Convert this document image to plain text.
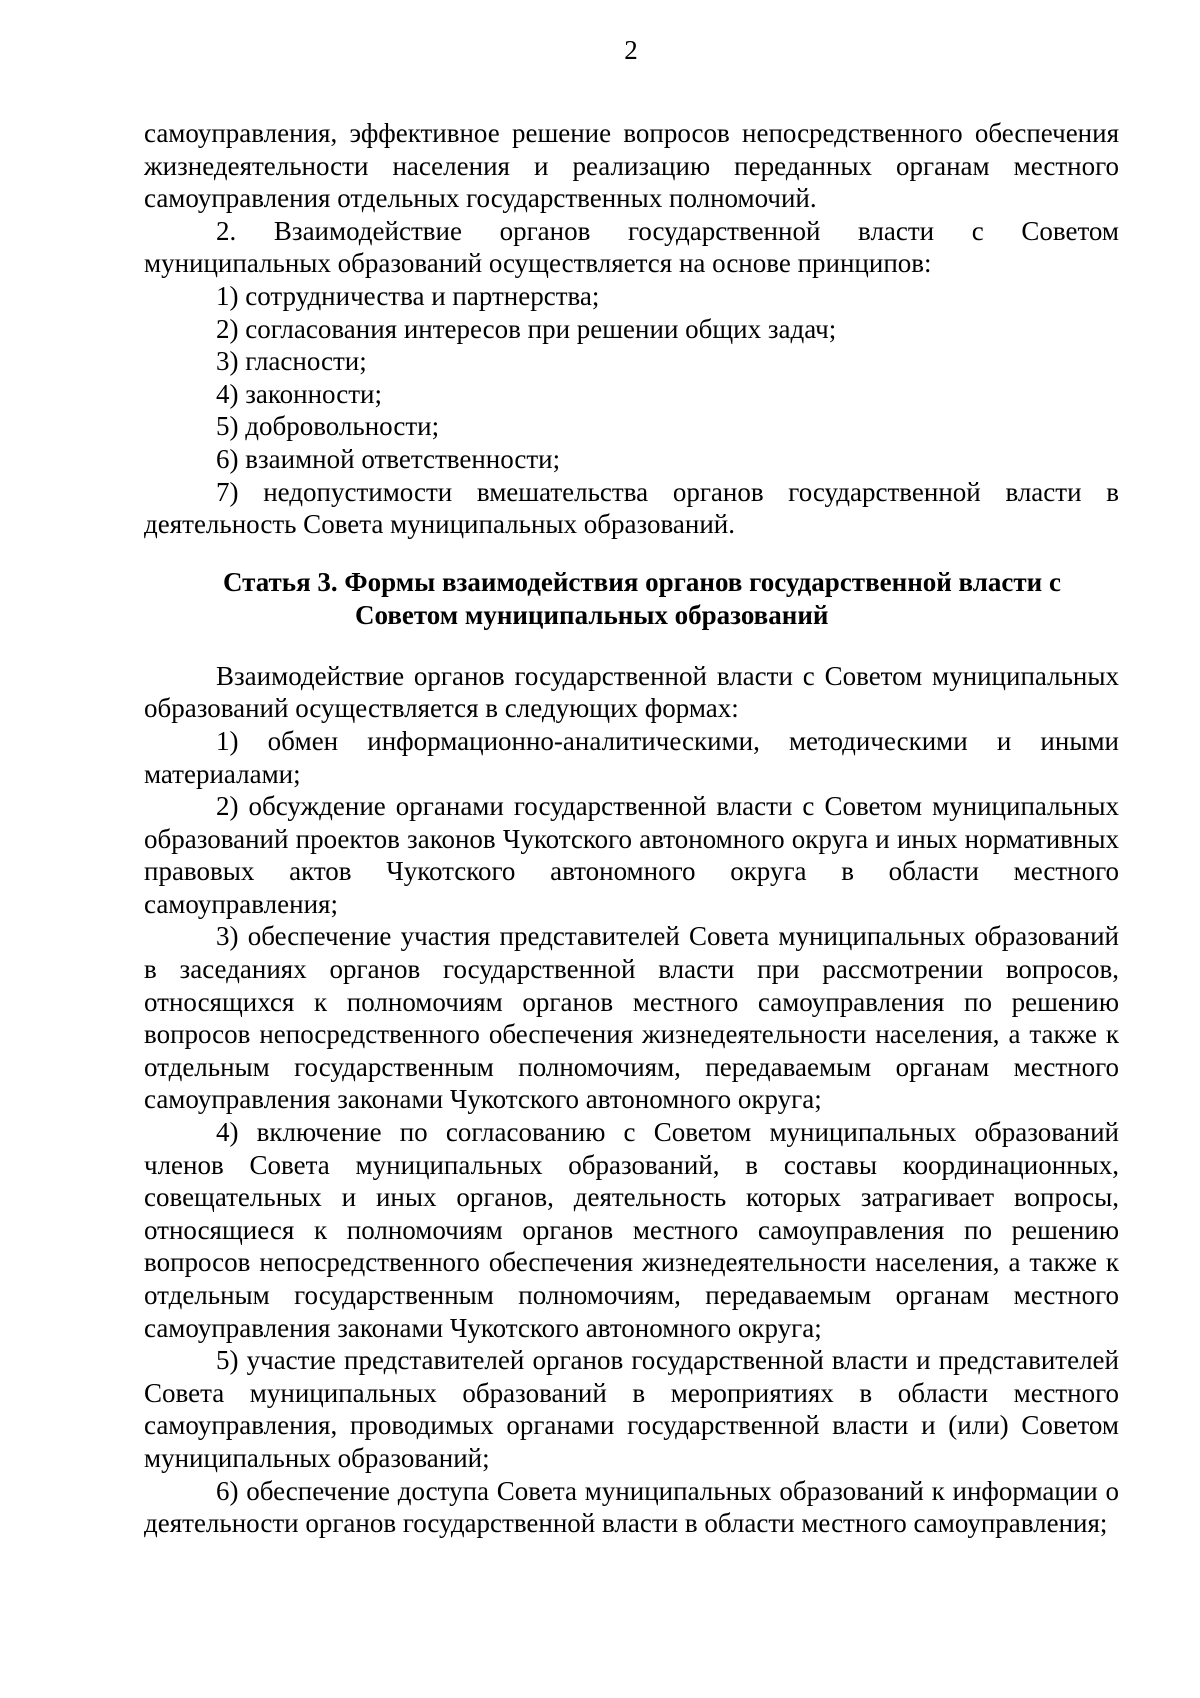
2

самоуправления, эффективное решение вопросов непосредственного обеспечения жизнедеятельности населения и реализацию переданных органам местного самоуправления отдельных государственных полномочий.

2. Взаимодействие органов государственной власти с Советом муниципальных образований осуществляется на основе принципов:

1) сотрудничества и партнерства;

2) согласования интересов при решении общих задач;

3) гласности;

4) законности;

5) добровольности;

6) взаимной ответственности;

7) недопустимости вмешательства органов государственной власти в деятельность Совета муниципальных образований.

Статья 3. Формы взаимодействия органов государственной власти с
Советом муниципальных образований

Взаимодействие органов государственной власти с Советом муниципальных образований осуществляется в следующих формах:

1) обмен информационно-аналитическими, методическими и иными материалами;

2) обсуждение органами государственной власти с Советом муниципальных образований проектов законов Чукотского автономного округа и иных нормативных правовых актов Чукотского автономного округа в области местного самоуправления;

3) обеспечение участия представителей Совета муниципальных образований в заседаниях органов государственной власти при рассмотрении вопросов, относящихся к полномочиям органов местного самоуправления по решению вопросов непосредственного обеспечения жизнедеятельности населения, а также к отдельным государственным полномочиям, передаваемым органам местного самоуправления законами Чукотского автономного округа;

4) включение по согласованию с Советом муниципальных образований членов Совета муниципальных образований, в составы координационных, совещательных и иных органов, деятельность которых затрагивает вопросы, относящиеся к полномочиям органов местного самоуправления по решению вопросов непосредственного обеспечения жизнедеятельности населения, а также к отдельным государственным полномочиям, передаваемым органам местного самоуправления законами Чукотского автономного округа;

5) участие представителей органов государственной власти и представителей Совета муниципальных образований в мероприятиях в области местного самоуправления, проводимых органами государственной власти и (или) Советом муниципальных образований;

6) обеспечение доступа Совета муниципальных образований к информации о деятельности органов государственной власти в области местного самоуправления;
